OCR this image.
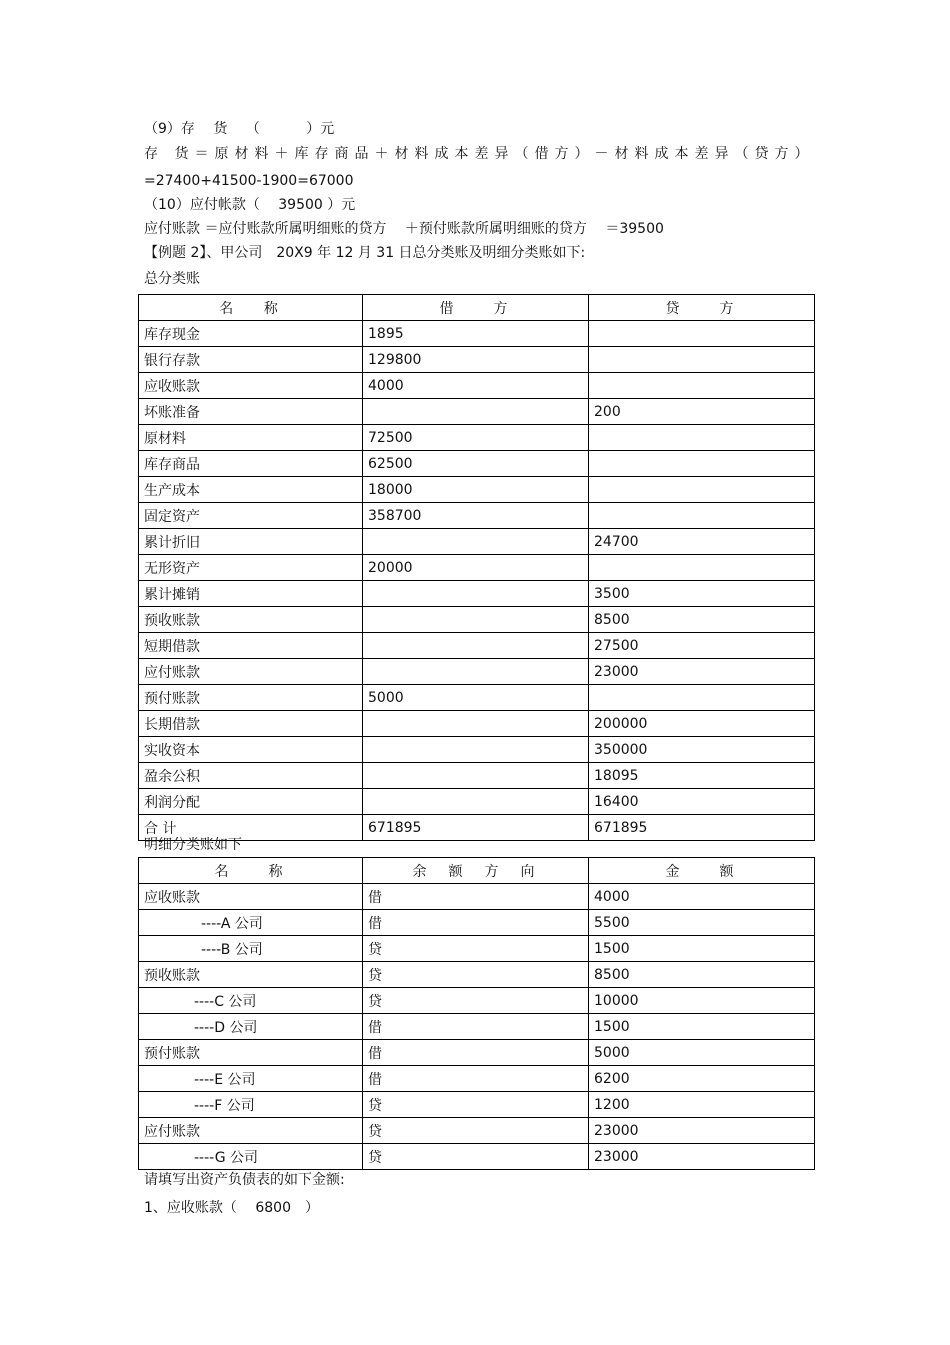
（9）存　 货　 （　　　 ）元
存 货＝原材料＋库存商品＋材料成本差异（借方）－材料成本差异（贷方）
=27400+41500-1900=67000
（10）应付帐款（　 39500 ）元
应付账款 ＝应付账款所属明细账的贷方　 ＋预付账款所属明细账的贷方　 ＝39500
【例题 2】、甲公司　20X9 年 12 月 31 日总分类账及明细分类账如下:
总分类账
名　 称	借　　方	贷　　方
库存现金	1895	
银行存款	129800	
应收账款	4000	
坏账准备		200
原材料	72500	
库存商品	62500	
生产成本	18000	
固定资产	358700	
累计折旧		24700
无形资产	20000	
累计摊销		3500
预收账款		8500
短期借款		27500
应付账款		23000
预付账款	5000	
长期借款		200000
实收资本		350000
盈余公积		18095
利润分配		16400
合 计	671895	671895
明细分类账如下
名　　称	余　额　方　向	金　　额
应收账款	借	4000
----A 公司	借	5500
----B 公司	贷	1500
预收账款	贷	8500
----C 公司	贷	10000
----D 公司	借	1500
预付账款	借	5000
----E 公司	借	6200
----F 公司	贷	1200
应付账款	贷	23000
----G 公司	贷	23000
请填写出资产负债表的如下金额:
1、应收账款（　 6800　）
